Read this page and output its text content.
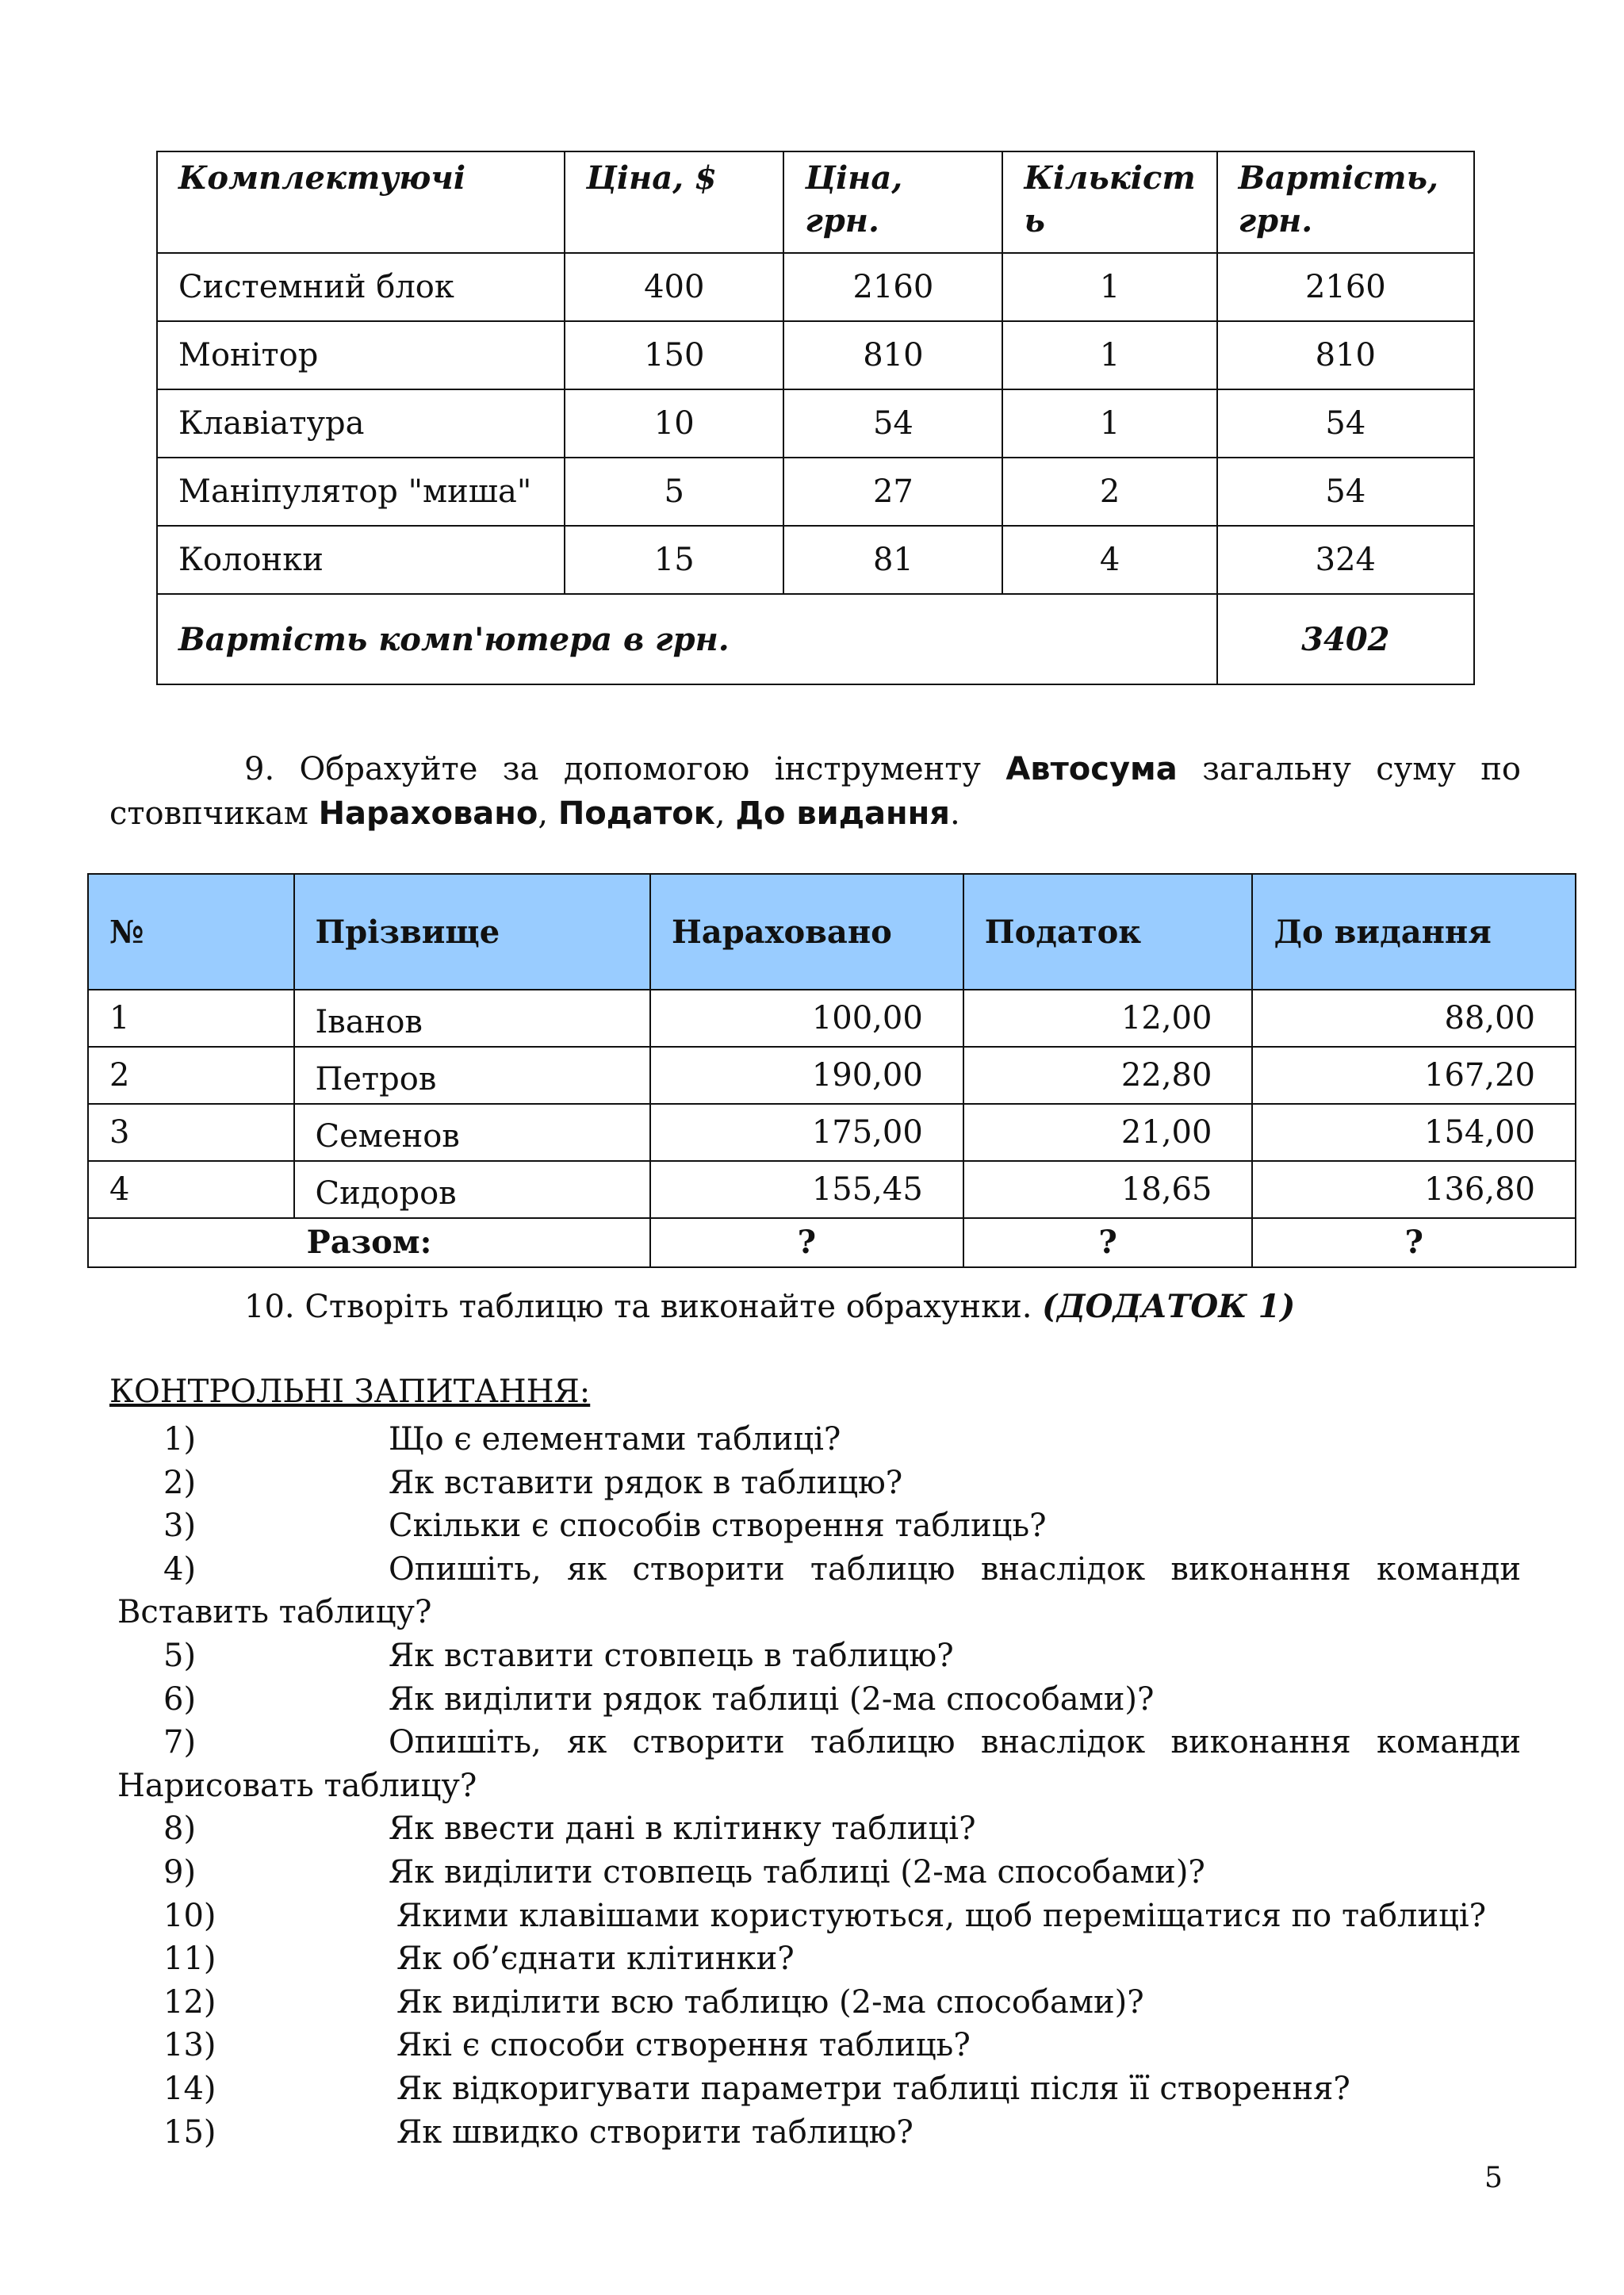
Комплектуючі	Ціна, $	Ціна, грн.	Кількіст ь	Вартість, грн.
Системний блок	400	2160	1	2160
Монітор	150	810	1	810
Клавіатура	10	54	1	54
Маніпулятор "миша"	5	27	2	54
Колонки	15	81	4	324
Вартість комп'ютера в грн.				3402
9. Обрахуйте за допомогою інструменту Автосума загальну суму по стовпчикам Нараховано, Податок, До видання.
№	Прізвище	Нараховано	Податок	До видання
1	Іванов	100,00	12,00	88,00
2	Петров	190,00	22,80	167,20
3	Семенов	175,00	21,00	154,00
4	Сидоров	155,45	18,65	136,80
Разом:		?	?	?
10. Створіть таблицю та виконайте обрахунки. (ДОДАТОК 1)
КОНТРОЛЬНІ ЗАПИТАННЯ:
1)	Що є елементами таблиці?
2)	Як вставити рядок в таблицю?
3)	Скільки є способів створення таблиць?
4)	Опишіть, як створити таблицю внаслідок виконання команди
Вставить таблицу?
5)	Як вставити стовпець в таблицю?
6)	Як виділити рядок таблиці (2-ма способами)?
7)	Опишіть, як створити таблицю внаслідок виконання команди
Нарисовать таблицу?
8)	Як ввести дані в клітинку таблиці?
9)	Як виділити стовпець таблиці (2-ма способами)?
10)	Якими клавішами користуються, щоб переміщатися по таблиці?
11)	Як об’єднати клітинки?
12)	Як виділити всю таблицю (2-ма способами)?
13)	Які є способи створення таблиць?
14)	Як відкоригувати параметри таблиці після її створення?
15)	Як швидко створити таблицю?
5
